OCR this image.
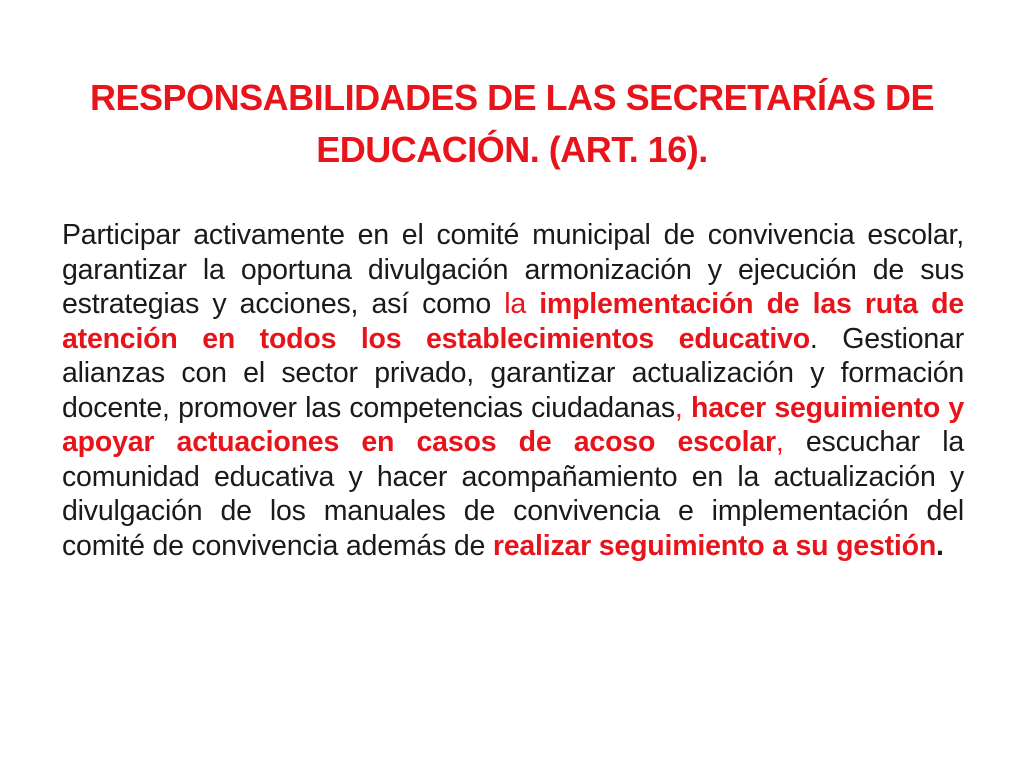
RESPONSABILIDADES DE LAS SECRETARÍAS DE
EDUCACIÓN. (ART. 16).

Participar activamente en el comité municipal de convivencia escolar, garantizar la oportuna divulgación armonización y ejecución de sus estrategias y acciones, así como la implementación de las ruta de atención en todos los establecimientos educativo. Gestionar alianzas con el sector privado, garantizar actualización y formación docente, promover las competencias ciudadanas, hacer seguimiento y apoyar actuaciones en casos de acoso escolar, escuchar la comunidad educativa y hacer acompañamiento en la actualización y divulgación de los manuales de convivencia e implementación del comité de convivencia además de realizar seguimiento a su gestión.
